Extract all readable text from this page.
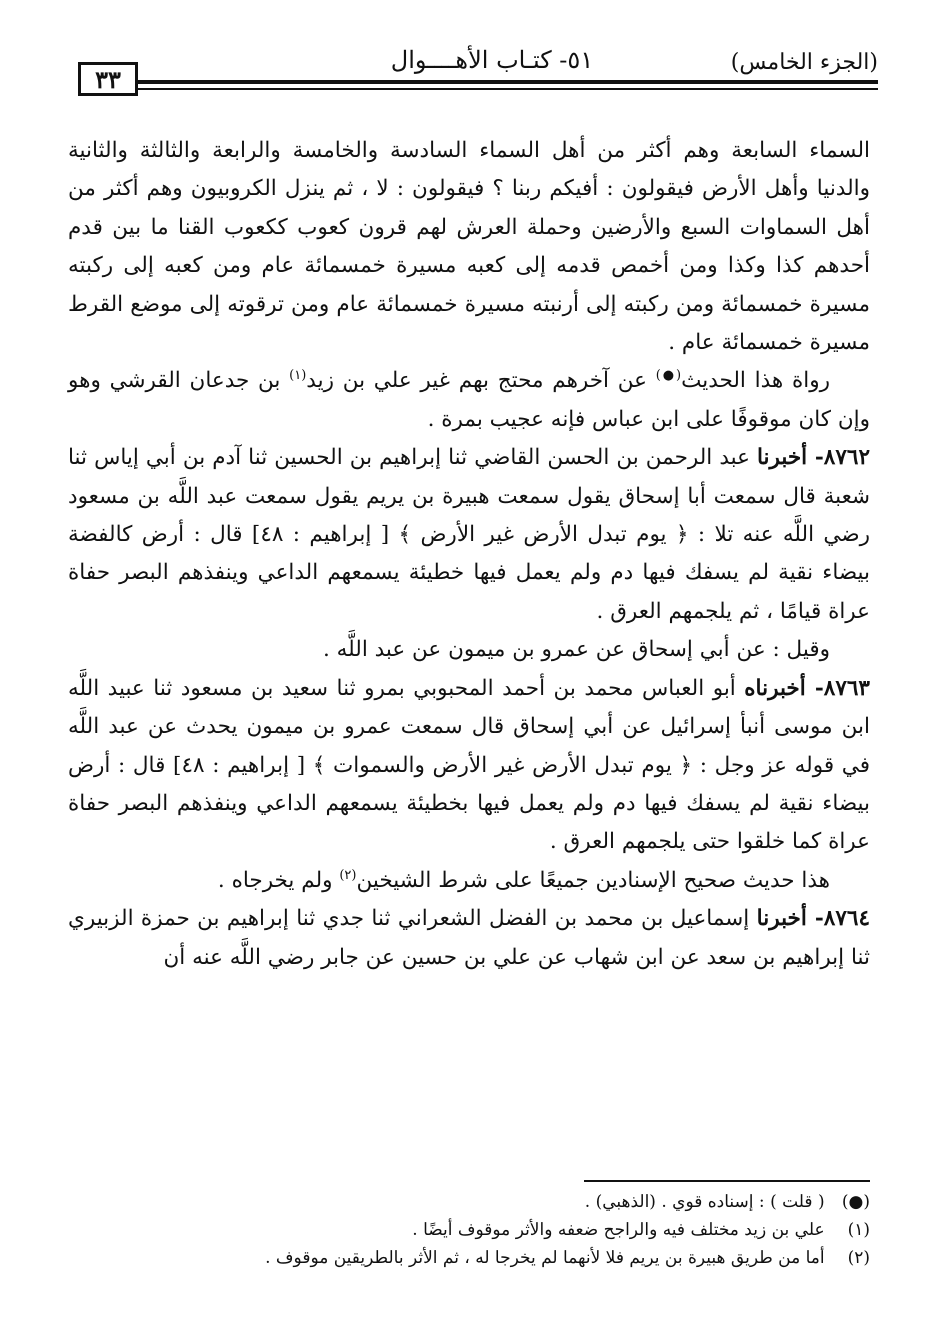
٣٣
٥١- كتـاب الأهــــوال	(الجزء الخامس)

السماء السابعة وهم أكثر من أهل السماء السادسة والخامسة والرابعة والثالثة والثانية والدنيا وأهل الأرض فيقولون : أفيكم ربنا ؟ فيقولون : لا ، ثم ينزل الكروبيون وهم أكثر من أهل السماوات السبع والأرضين وحملة العرش لهم قرون كعوب ككعوب القنا ما بين قدم أحدهم كذا وكذا ومن أخمص قدمه إلى كعبه مسيرة خمسمائة عام ومن كعبه إلى ركبته مسيرة خمسمائة ومن ركبته إلى أرنبته مسيرة خمسمائة عام ومن ترقوته إلى موضع القرط مسيرة خمسمائة عام .

رواة هذا الحديث(●) عن آخرهم محتج بهم غير علي بن زيد$^{(١)}$ بن جدعان القرشي وهو وإن كان موقوفًا على ابن عباس فإنه عجيب بمرة .

٨٧٦٢- أخبرنا عبد الرحمن بن الحسن القاضي ثنا إبراهيم بن الحسين ثنا آدم بن أبي إياس ثنا شعبة قال سمعت أبا إسحاق يقول سمعت هبيرة بن يريم يقول سمعت عبد اللَّه بن مسعود رضي اللَّه عنه تلا : ﴿ يوم تبدل الأرض غير الأرض ﴾ [ إبراهيم : ٤٨] قال : أرض كالفضة بيضاء نقية لم يسفك فيها دم ولم يعمل فيها خطيئة يسمعهم الداعي وينفذهم البصر حفاة عراة قيامًا ، ثم يلجمهم العرق .

وقيل : عن أبي إسحاق عن عمرو بن ميمون عن عبد اللَّه .

٨٧٦٣- أخبرناه أبو العباس محمد بن أحمد المحبوبي بمرو ثنا سعيد بن مسعود ثنا عبيد اللَّه ابن موسى أنبأ إسرائيل عن أبي إسحاق قال سمعت عمرو بن ميمون يحدث عن عبد اللَّه في قوله عز وجل : ﴿ يوم تبدل الأرض غير الأرض والسموات ﴾ [ إبراهيم : ٤٨] قال : أرض بيضاء نقية لم يسفك فيها دم ولم يعمل فيها بخطيئة يسمعهم الداعي وينفذهم البصر حفاة عراة كما خلقوا حتى يلجمهم العرق .

هذا حديث صحيح الإسنادين جميعًا على شرط الشيخين$^{(٢)}$ ولم يخرجاه .

٨٧٦٤- أخبرنا إسماعيل بن محمد بن الفضل الشعراني ثنا جدي ثنا إبراهيم بن حمزة الزبيري ثنا إبراهيم بن سعد عن ابن شهاب عن علي بن حسين عن جابر رضي اللَّه عنه أن

(●) ( قلت ) : إسناده قوي . (الذهبي) .
(١) علي بن زيد مختلف فيه والراجح ضعفه والأثر موقوف أيضًا .
(٢) أما من طريق هبيرة بن يريم فلا لأنهما لم يخرجا له ، ثم الأثر بالطريقين موقوف .
